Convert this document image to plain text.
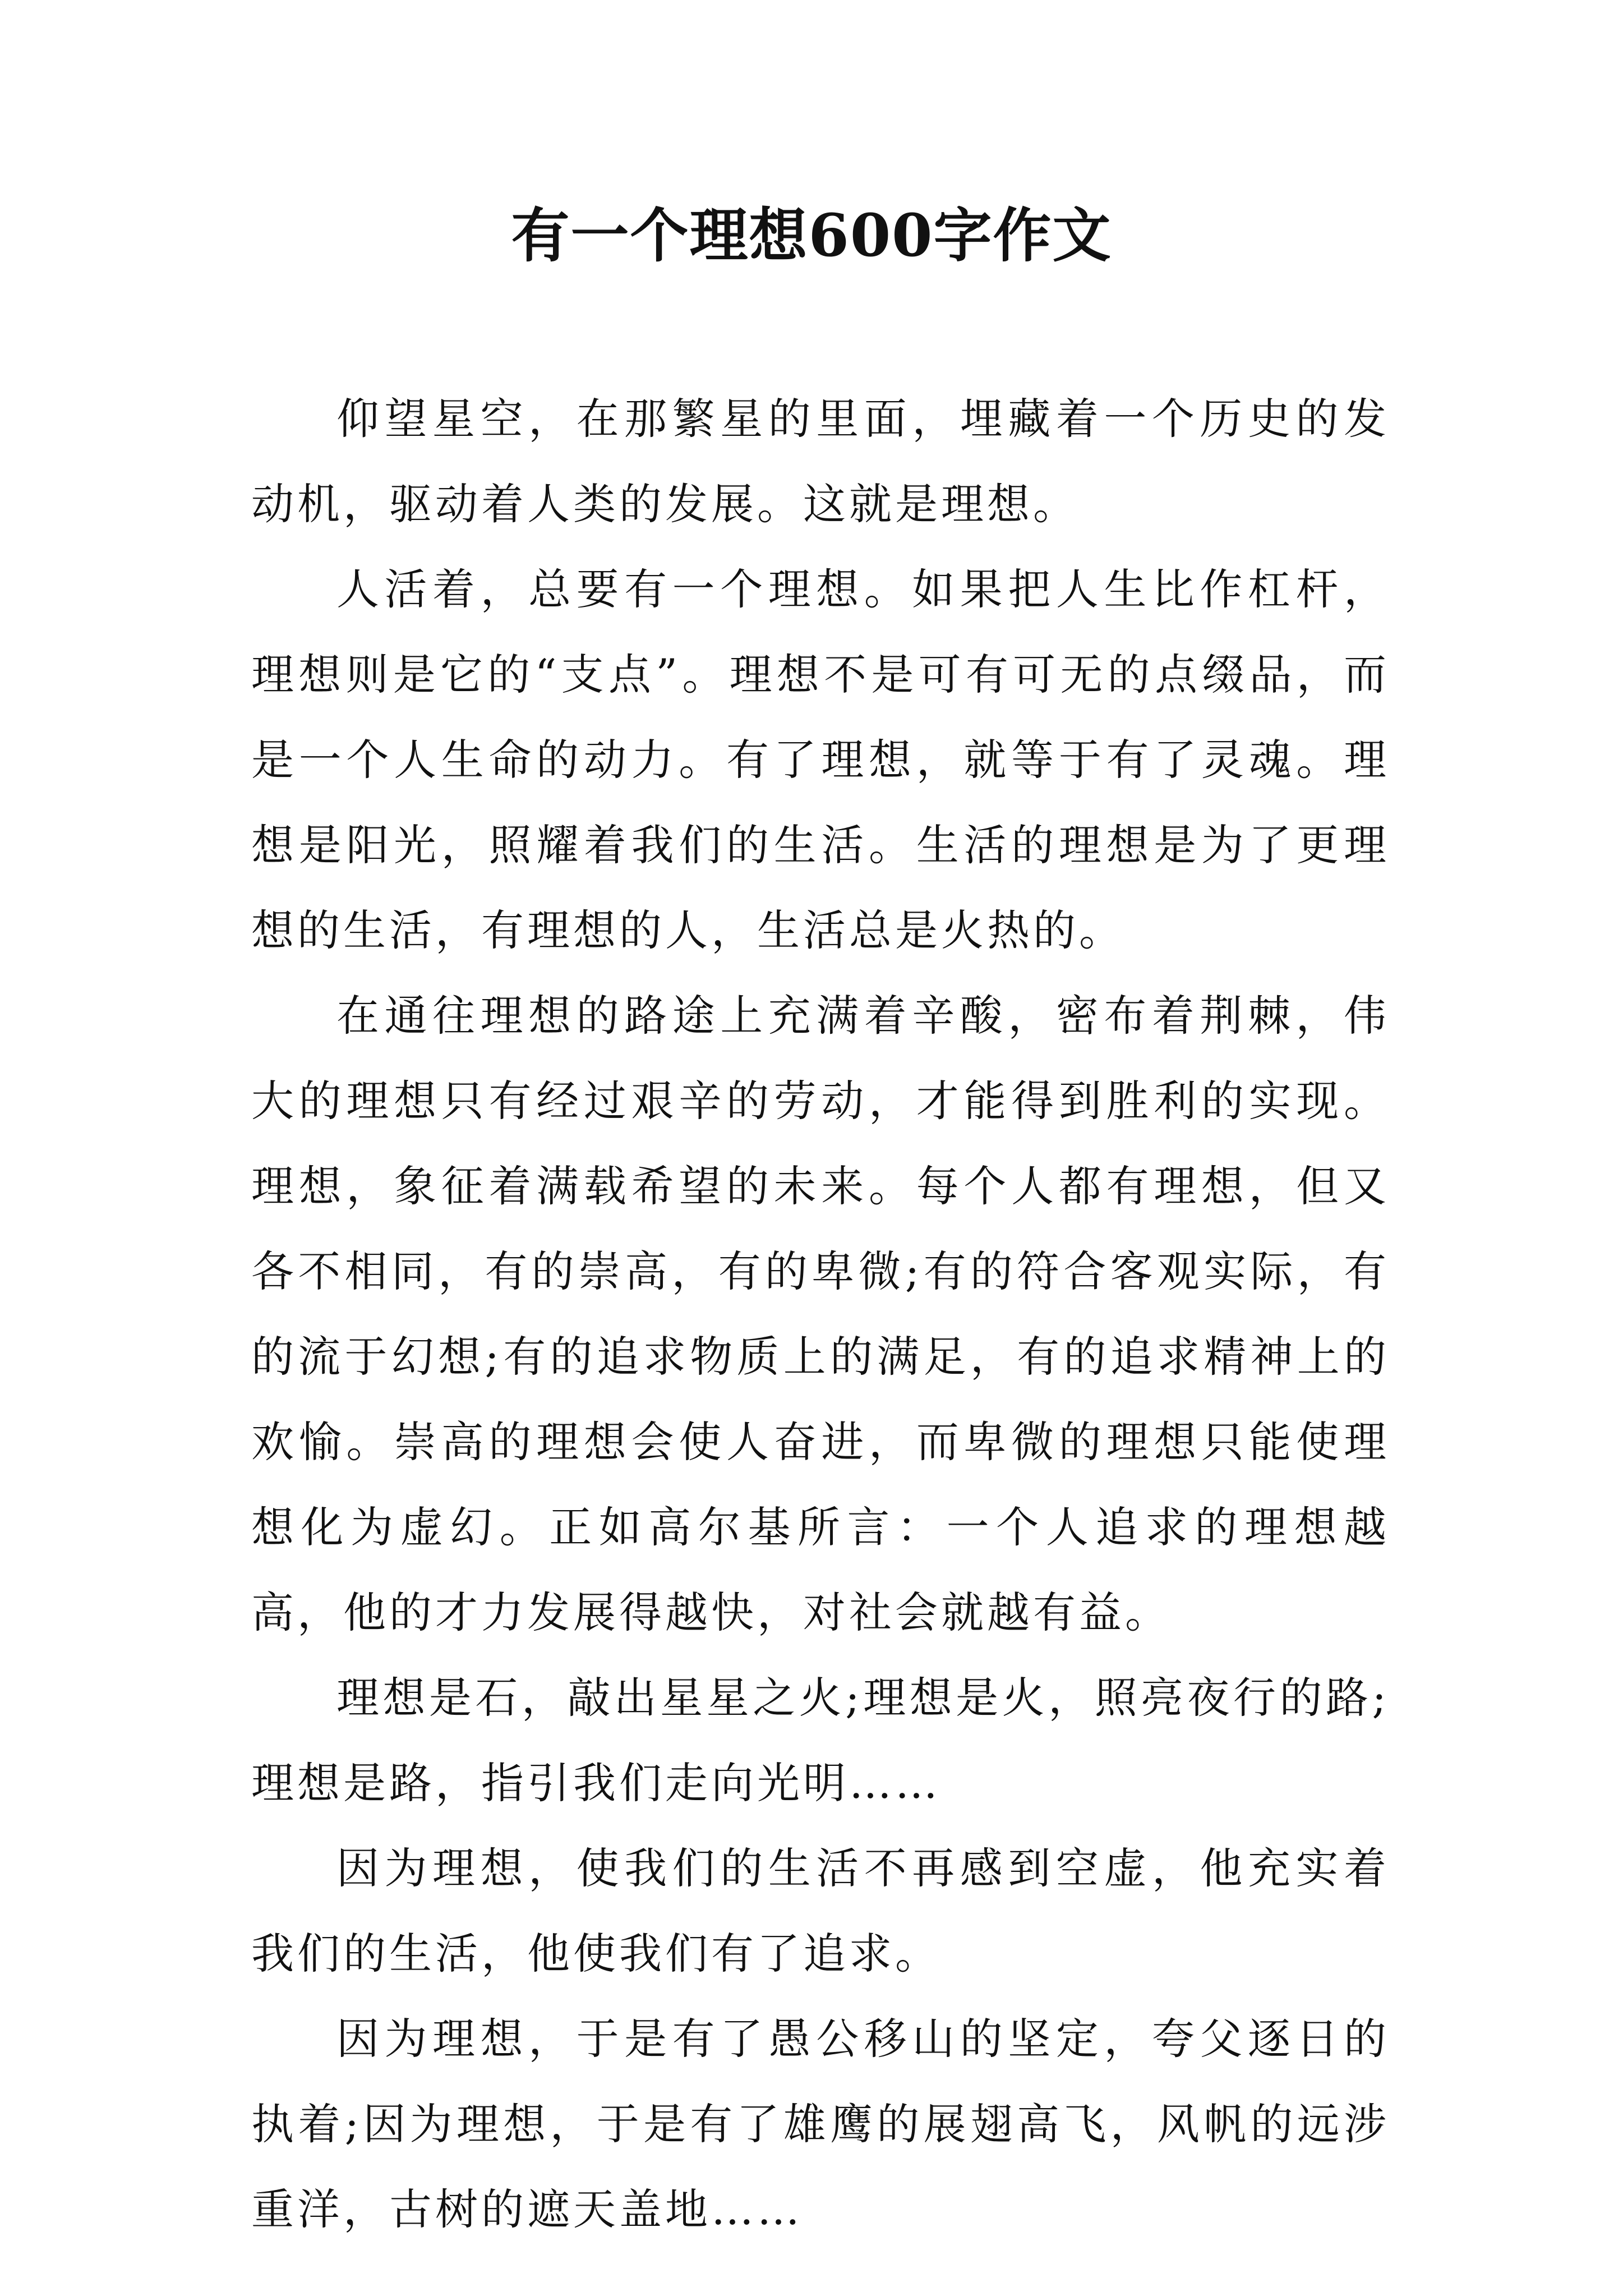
有一个理想600字作文

仰望星空，在那繁星的里面，埋藏着一个历史的发动机，驱动着人类的发展。这就是理想。

人活着，总要有一个理想。如果把人生比作杠杆，理想则是它的“支点”。理想不是可有可无的点缀品，而是一个人生命的动力。有了理想，就等于有了灵魂。理想是阳光，照耀着我们的生活。生活的理想是为了更理想的生活，有理想的人，生活总是火热的。

在通往理想的路途上充满着辛酸，密布着荆棘，伟大的理想只有经过艰辛的劳动，才能得到胜利的实现。理想，象征着满载希望的未来。每个人都有理想，但又各不相同，有的崇高，有的卑微;有的符合客观实际，有的流于幻想;有的追求物质上的满足，有的追求精神上的欢愉。崇高的理想会使人奋进，而卑微的理想只能使理想化为虚幻。正如高尔基所言：一个人追求的理想越高，他的才力发展得越快，对社会就越有益。

理想是石，敲出星星之火;理想是火，照亮夜行的路;理想是路，指引我们走向光明……

因为理想，使我们的生活不再感到空虚，他充实着我们的生活，他使我们有了追求。

因为理想，于是有了愚公移山的坚定，夸父逐日的执着;因为理想，于是有了雄鹰的展翅高飞，风帆的远涉重洋，古树的遮天盖地……
